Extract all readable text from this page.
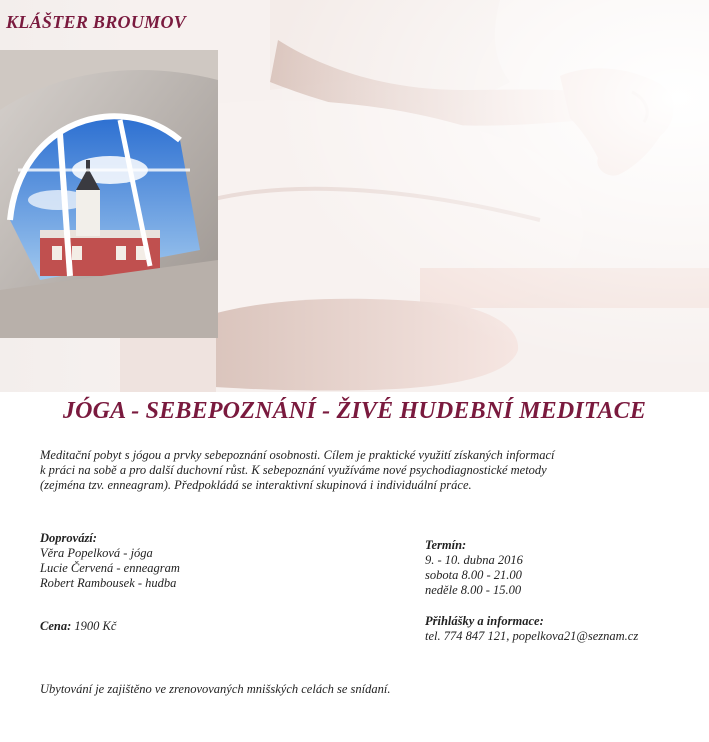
KLÁŠTER BROUMOV
JÓGA - SEBEPOZNÁNÍ - ŽIVÉ HUDEBNÍ MEDITACE

Meditační pobyt s jógou a prvky sebepoznání osobnosti. Cílem je praktické využití získaných informací
k práci na sobě a pro další duchovní růst. K sebepoznání využíváme nové psychodiagnostické metody
(zejména tzv. enneagram). Předpokládá se interaktivní skupinová i individuální práce.

Doprovází:
Věra Popelková - jóga
Lucie Červená - enneagram
Robert Rambousek - hudba
Termín:
9. - 10. dubna 2016
sobota 8.00 - 21.00
neděle 8.00 - 15.00
Cena: 1900 Kč	Přihlášky a informace:
tel. 774 847 121, popelkova21@seznam.cz

Ubytování je zajištěno ve zrenovovaných mnišských celách se snídaní.
